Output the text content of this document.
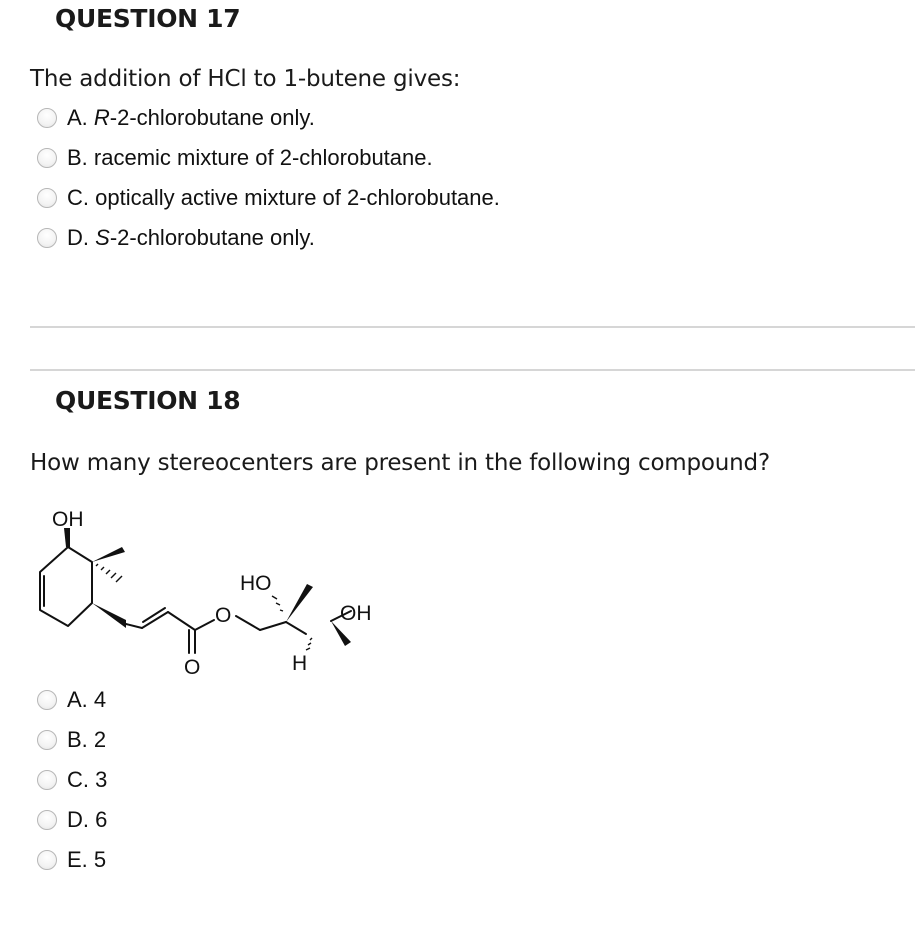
QUESTION 17
The addition of HCl to 1-butene gives:
A. R -2-chlorobutane only.
B. racemic mixture of 2-chlorobutane.
C. optically active mixture of 2-chlorobutane.
D. S -2-chlorobutane only.
QUESTION 18
How many stereocenters are present in the following compound?
OH
HO
OH
H
O
O
A. 4
B. 2
C. 3
D. 6
E. 5
